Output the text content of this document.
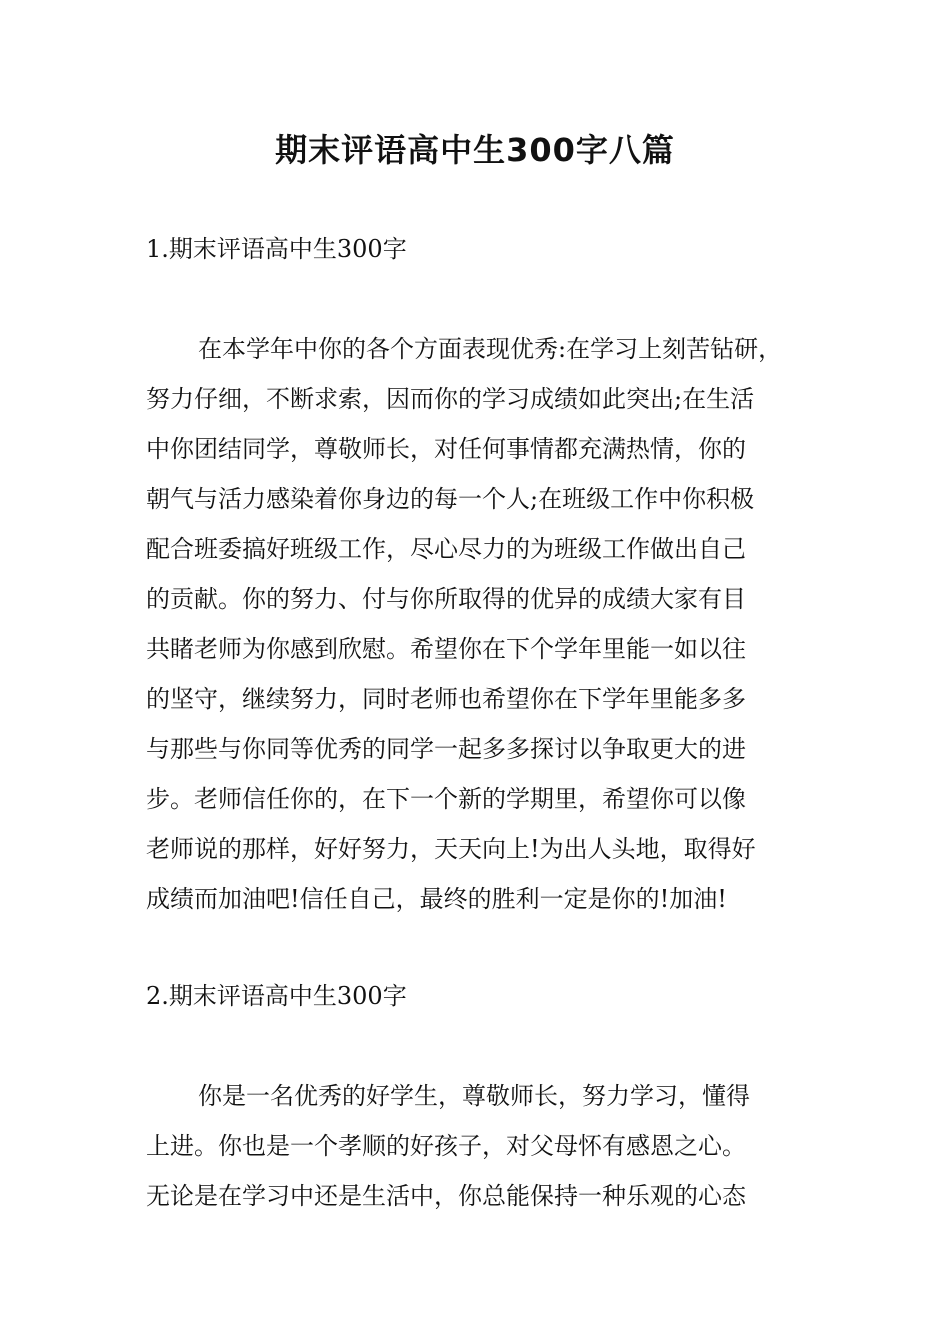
期末评语高中生300字八篇
1.期末评语高中生300字

在本学年中你的各个方面表现优秀:在学习上刻苦钻研，
努力仔细，不断求索，因而你的学习成绩如此突出;在生活
中你团结同学，尊敬师长，对任何事情都充满热情，你的
朝气与活力感染着你身边的每一个人;在班级工作中你积极
配合班委搞好班级工作，尽心尽力的为班级工作做出自己
的贡献。你的努力、付与你所取得的优异的成绩大家有目
共睹老师为你感到欣慰。希望你在下个学年里能一如以往
的坚守，继续努力，同时老师也希望你在下学年里能多多
与那些与你同等优秀的同学一起多多探讨以争取更大的进
步。老师信任你的，在下一个新的学期里，希望你可以像
老师说的那样，好好努力，天天向上!为出人头地，取得好
成绩而加油吧!信任自己，最终的胜利一定是你的!加油!

2.期末评语高中生300字

你是一名优秀的好学生，尊敬师长，努力学习，懂得
上进。你也是一个孝顺的好孩子，对父母怀有感恩之心。
无论是在学习中还是生活中，你总能保持一种乐观的心态
